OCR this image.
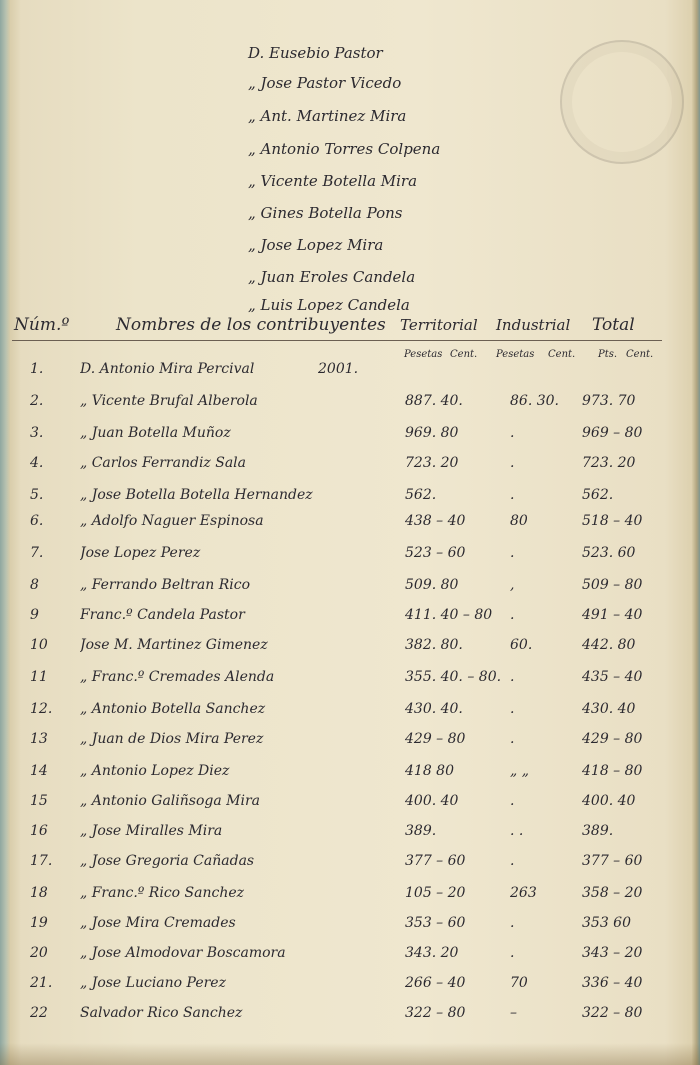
D. Eusebio Pastor
„ Jose Pastor Vicedo
„ Ant. Martinez Mira
„ Antonio Torres Colpena
„ Vicente Botella Mira
„ Gines Botella Pons
„ Jose Lopez Mira
„ Juan Eroles Candela
„ Luis Lopez Candela
Núm.º	Nombres de los contribuyentes Territorial Industrial Total
Pesetas Cent. Pesetas Cent. Pts. Cent.
1.	D. Antonio Mira Percival	2001.
2.	„ Vicente Brufal Alberola	887. 40.	86. 30. 973. 70
3.	„ Juan Botella Muñoz	969. 80	.	969 – 80
4.	„ Carlos Ferrandiz Sala	723. 20	.	723. 20
5.	„ Jose Botella Botella Hernandez	562.	.	562.
6.	„ Adolfo Naguer Espinosa	438 – 40	80	518 – 40
7.	Jose Lopez Perez	523 – 60	.	523. 60
8	„ Ferrando Beltran Rico	509. 80	,	509 – 80
9	Franc.º Candela Pastor	411. 40 – 80	.	491 – 40
10 Jose M. Martinez Gimenez	382. 80.	60.	442. 80
11 „ Franc.º Cremades Alenda	355. 40. – 80. .	435 – 40
12. „ Antonio Botella Sanchez	430. 40.	.	430. 40
13 „ Juan de Dios Mira Perez	429 – 80	.	429 – 80
14 „ Antonio Lopez Diez	418 80	„ „	418 – 80
15 „ Antonio Galiñsoga Mira	400. 40	.	400. 40
16 „ Jose Miralles Mira	389.	. .	389.
17. „ Jose Gregoria Cañadas	377 – 60	.	377 – 60
18 „ Franc.º Rico Sanchez	105 – 20	263	358 – 20
19 „ Jose Mira Cremades	353 – 60	.	353 60
20 „ Jose Almodovar Boscamora	343. 20	.	343 – 20
21. „ Jose Luciano Perez	266 – 40	70	336 – 40
22 Salvador Rico Sanchez	322 – 80	–	322 – 80
